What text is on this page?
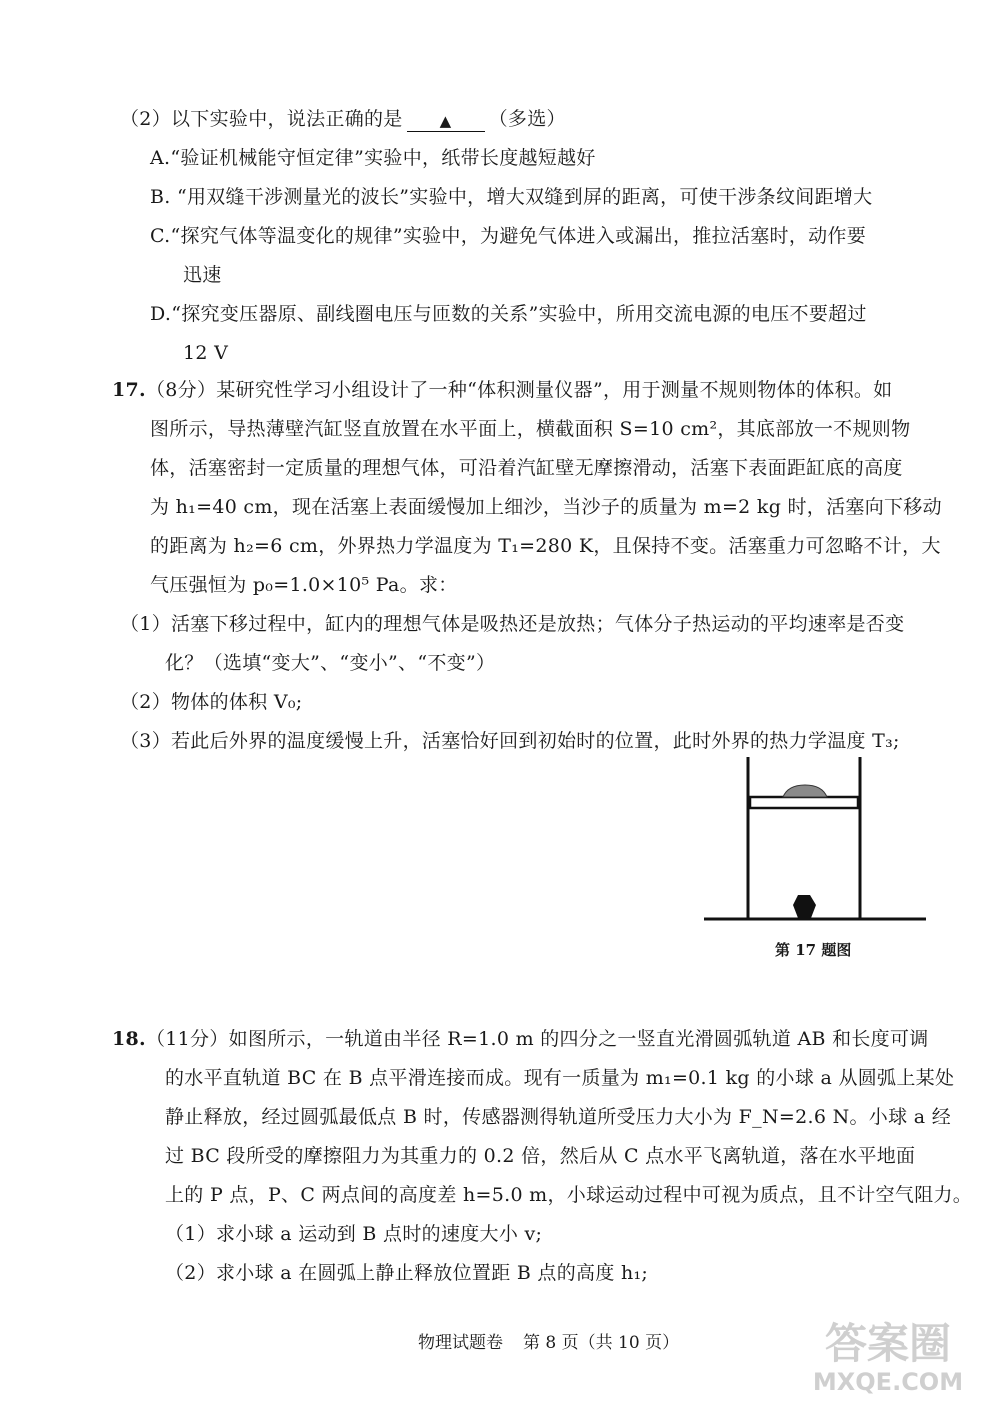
（2）以下实验中，说法正确的是 ▲ （多选）
A.“验证机械能守恒定律”实验中，纸带长度越短越好
B. “用双缝干涉测量光的波长”实验中，增大双缝到屏的距离，可使干涉条纹间距增大
C.“探究气体等温变化的规律”实验中，为避免气体进入或漏出，推拉活塞时，动作要
迅速
D.“探究变压器原、副线圈电压与匝数的关系”实验中，所用交流电源的电压不要超过
12 V
17.（8分）某研究性学习小组设计了一种“体积测量仪器”，用于测量不规则物体的体积。如
图所示，导热薄壁汽缸竖直放置在水平面上，横截面积 S=10 cm²，其底部放一不规则物
体，活塞密封一定质量的理想气体，可沿着汽缸壁无摩擦滑动，活塞下表面距缸底的高度
为 h₁=40 cm，现在活塞上表面缓慢加上细沙，当沙子的质量为 m=2 kg 时，活塞向下移动
的距离为 h₂=6 cm，外界热力学温度为 T₁=280 K，且保持不变。活塞重力可忽略不计，大
气压强恒为 p₀=1.0×10⁵ Pa。求：
（1）活塞下移过程中，缸内的理想气体是吸热还是放热；气体分子热运动的平均速率是否变
化？（选填“变大”、“变小”、“不变”）
（2）物体的体积 V₀;
（3）若此后外界的温度缓慢上升，活塞恰好回到初始时的位置，此时外界的热力学温度 T₃;
第 17 题图
18.（11分）如图所示，一轨道由半径 R=1.0 m 的四分之一竖直光滑圆弧轨道 AB 和长度可调
的水平直轨道 BC 在 B 点平滑连接而成。现有一质量为 m₁=0.1 kg 的小球 a 从圆弧上某处
静止释放，经过圆弧最低点 B 时，传感器测得轨道所受压力大小为 F_N=2.6 N。小球 a 经
过 BC 段所受的摩擦阻力为其重力的 0.2 倍，然后从 C 点水平飞离轨道，落在水平地面
上的 P 点，P、C 两点间的高度差 h=5.0 m，小球运动过程中可视为质点，且不计空气阻力。
（1）求小球 a 运动到 B 点时的速度大小 v;
（2）求小球 a 在圆弧上静止释放位置距 B 点的高度 h₁;
物理试题卷 第 8 页（共 10 页）	答案圈
MXQE.COM
